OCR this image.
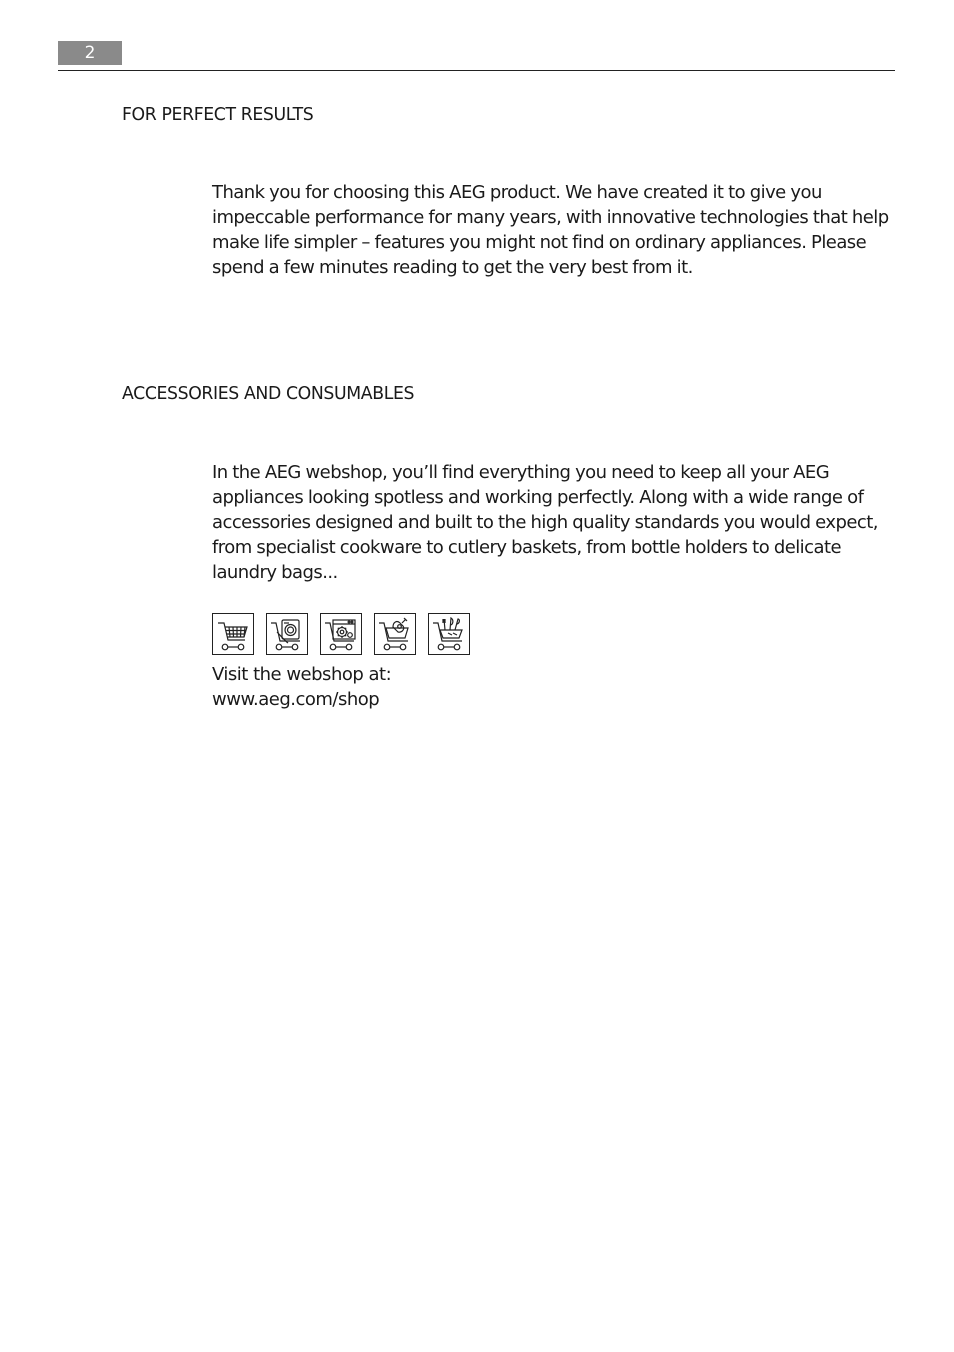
2
FOR PERFECT RESULTS

Thank you for choosing this AEG product. We have created it to give you impeccable performance for many years, with innovative technologies that help make life simpler – features you might not find on ordinary appliances. Please spend a few minutes reading to get the very best from it.

ACCESSORIES AND CONSUMABLES

In the AEG webshop, you’ll find everything you need to keep all your AEG appliances looking spotless and working perfectly. Along with a wide range of accessories designed and built to the high quality standards you would expect, from specialist cookware to cutlery baskets, from bottle holders to delicate laundry bags...

Visit the webshop at:
www.aeg.com/shop
